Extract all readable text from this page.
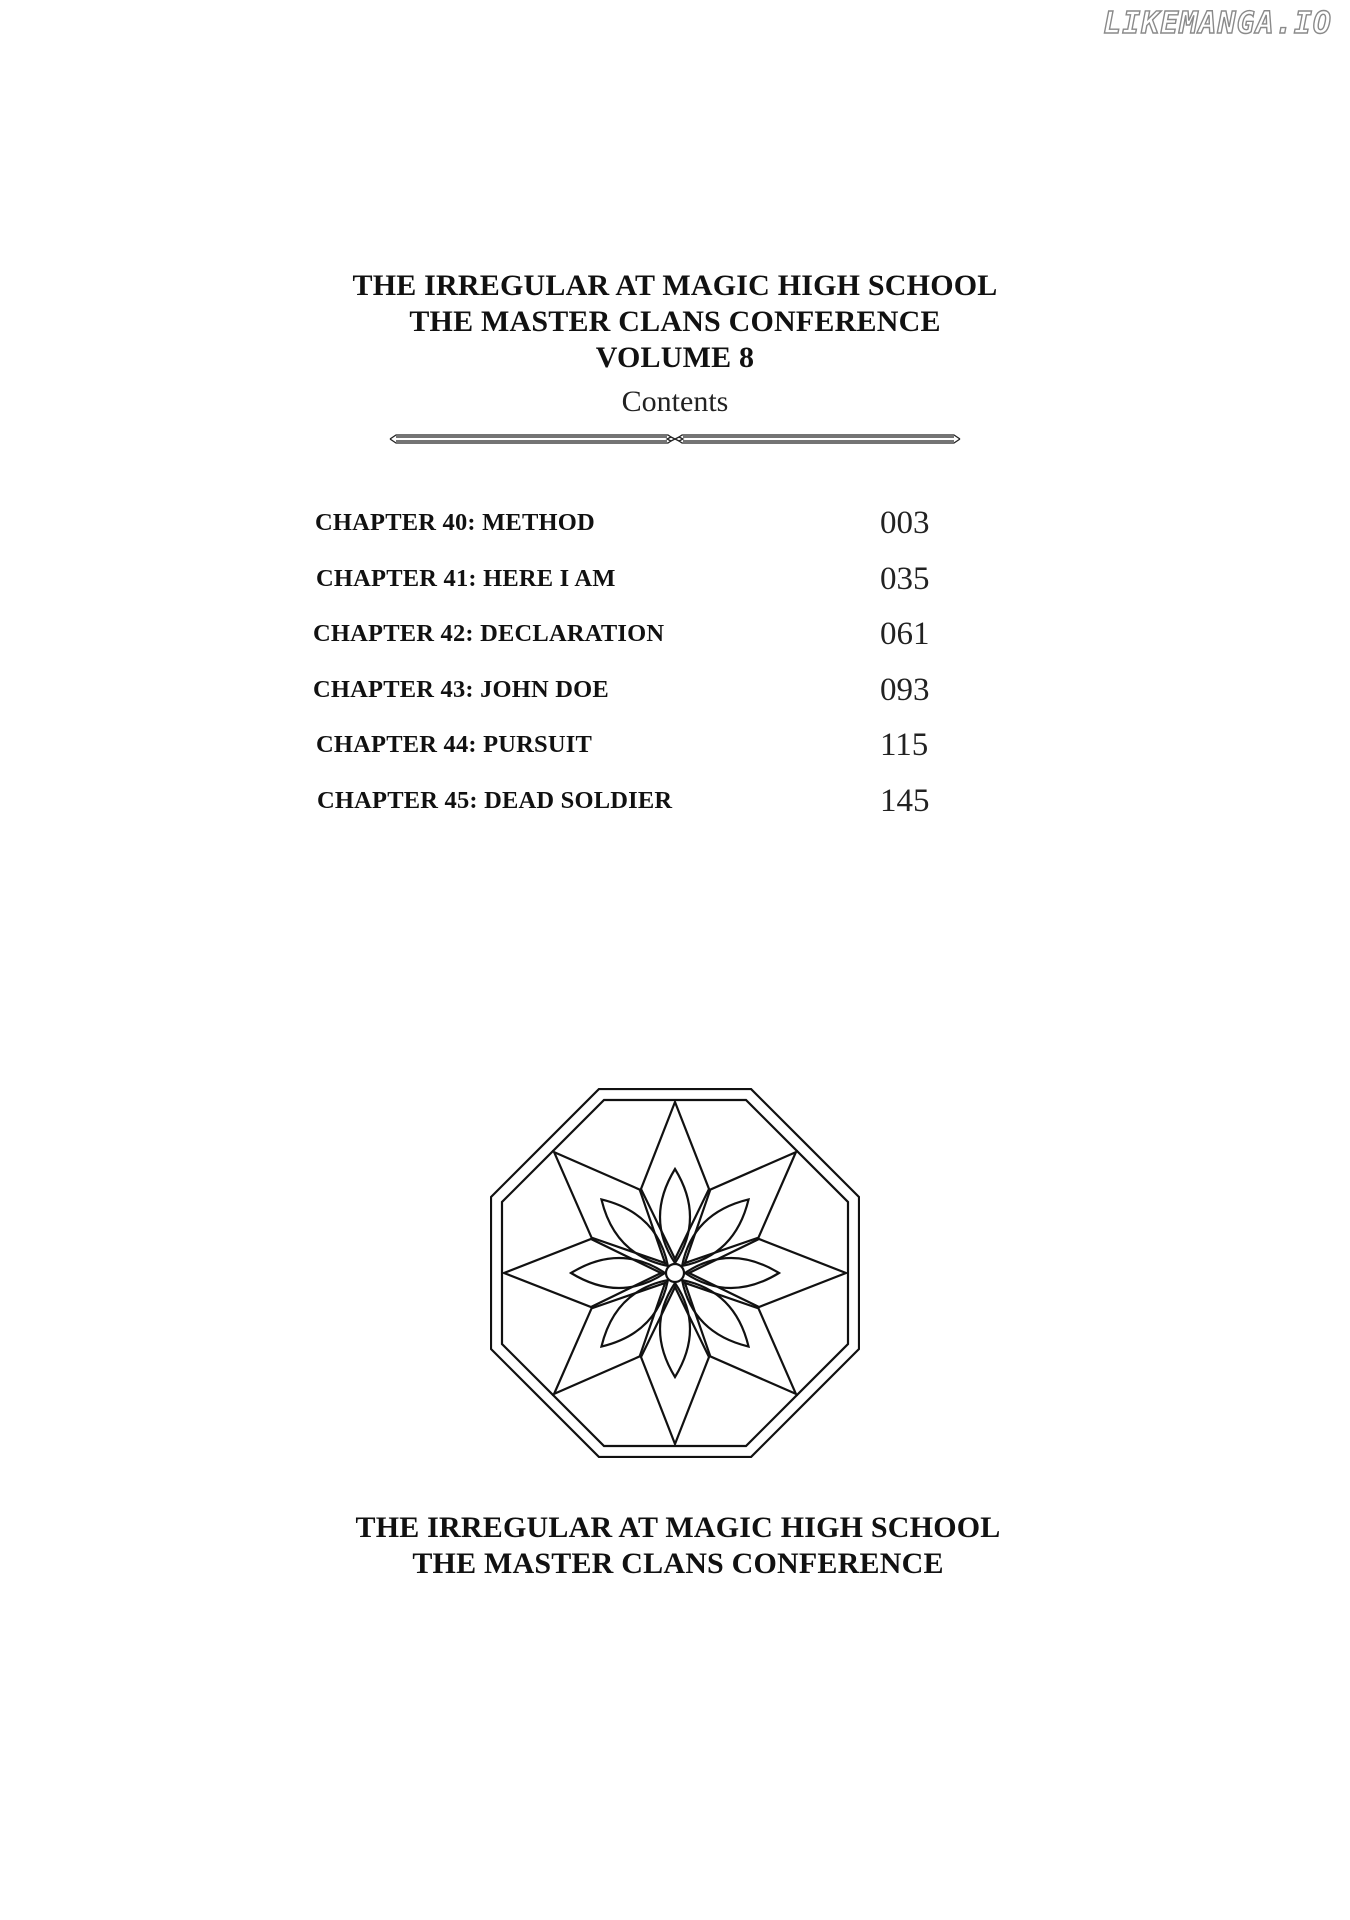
LIKEMANGA.IO
THE IRREGULAR AT MAGIC HIGH SCHOOL
THE MASTER CLANS CONFERENCE
VOLUME 8
Contents
CHAPTER 40: METHOD	003
CHAPTER 41: HERE I AM	035
CHAPTER 42: DECLARATION	061
CHAPTER 43: JOHN DOE	093
CHAPTER 44: PURSUIT	115
CHAPTER 45: DEAD SOLDIER	145
THE IRREGULAR AT MAGIC HIGH SCHOOL
THE MASTER CLANS CONFERENCE
